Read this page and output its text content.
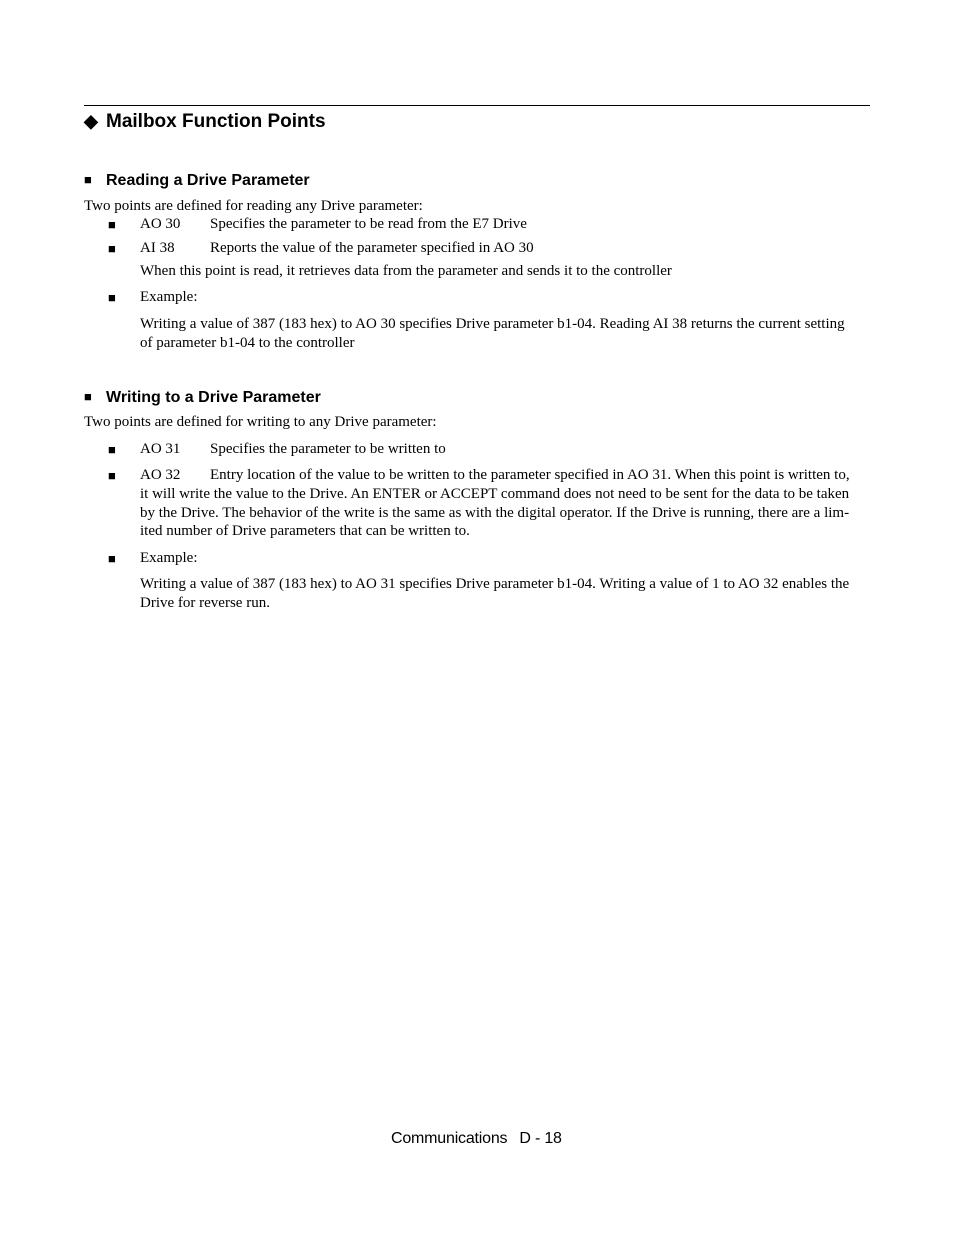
◆ Mailbox Function Points
■ Reading a Drive Parameter
Two points are defined for reading any Drive parameter:
■ AO 30 Specifies the parameter to be read from the E7 Drive
■ AI 38 Reports the value of the parameter specified in AO 30
When this point is read, it retrieves data from the parameter and sends it to the controller
■ Example:
Writing a value of 387 (183 hex) to AO 30 specifies Drive parameter b1-04. Reading AI 38 returns the current setting
of parameter b1-04 to the controller
■ Writing to a Drive Parameter
Two points are defined for writing to any Drive parameter:
■ AO 31 Specifies the parameter to be written to
■ AO 32 Entry location of the value to be written to the parameter specified in AO 31. When this point is written to,
it will write the value to the Drive. An ENTER or ACCEPT command does not need to be sent for the data to be taken
by the Drive. The behavior of the write is the same as with the digital operator. If the Drive is running, there are a lim-
ited number of Drive parameters that can be written to.
■ Example:
Writing a value of 387 (183 hex) to AO 31 specifies Drive parameter b1-04. Writing a value of 1 to AO 32 enables the
Drive for reverse run.
Communications D - 18
